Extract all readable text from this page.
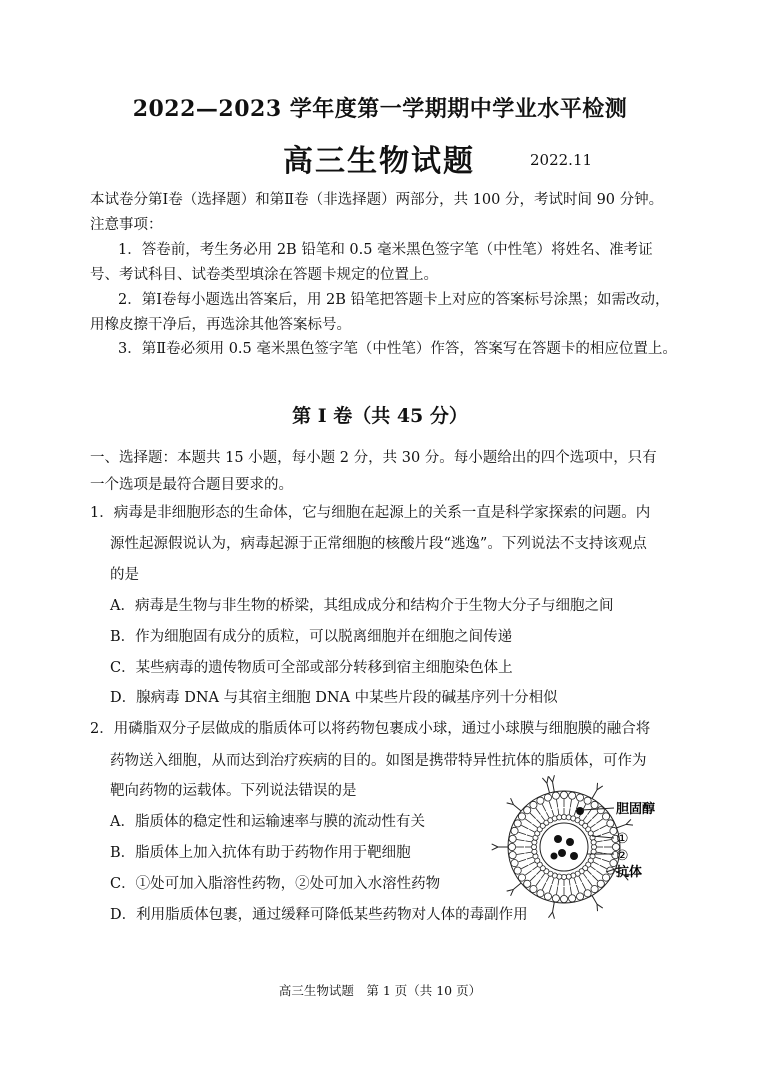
2022—2023 学年度第一学期期中学业水平检测
高三生物试题	2022.11
本试卷分第Ⅰ卷（选择题）和第Ⅱ卷（非选择题）两部分，共 100 分，考试时间 90 分钟。
注意事项：
1．答卷前，考生务必用 2B 铅笔和 0.5 毫米黑色签字笔（中性笔）将姓名、准考证
号、考试科目、试卷类型填涂在答题卡规定的位置上。
2．第Ⅰ卷每小题选出答案后，用 2B 铅笔把答题卡上对应的答案标号涂黑；如需改动，
用橡皮擦干净后，再选涂其他答案标号。
3．第Ⅱ卷必须用 0.5 毫米黑色签字笔（中性笔）作答，答案写在答题卡的相应位置上。
第 Ⅰ 卷（共 45 分）
一、选择题：本题共 15 小题，每小题 2 分，共 30 分。每小题给出的四个选项中，只有
一个选项是最符合题目要求的。
1．病毒是非细胞形态的生命体，它与细胞在起源上的关系一直是科学家探索的问题。内
源性起源假说认为，病毒起源于正常细胞的核酸片段“逃逸”。下列说法不支持该观点
的是
A．病毒是生物与非生物的桥梁，其组成成分和结构介于生物大分子与细胞之间
B．作为细胞固有成分的质粒，可以脱离细胞并在细胞之间传递
C．某些病毒的遗传物质可全部或部分转移到宿主细胞染色体上
D．腺病毒 DNA 与其宿主细胞 DNA 中某些片段的碱基序列十分相似
2．用磷脂双分子层做成的脂质体可以将药物包裹成小球，通过小球膜与细胞膜的融合将
药物送入细胞，从而达到治疗疾病的目的。如图是携带特异性抗体的脂质体，可作为
靶向药物的运载体。下列说法错误的是
A．脂质体的稳定性和运输速率与膜的流动性有关
B．脂质体上加入抗体有助于药物作用于靶细胞
C．①处可加入脂溶性药物，②处可加入水溶性药物
D．利用脂质体包裹，通过缓释可降低某些药物对人体的毒副作用
胆固醇
①
②
抗体
高三生物试题　第 1 页（共 10 页）
